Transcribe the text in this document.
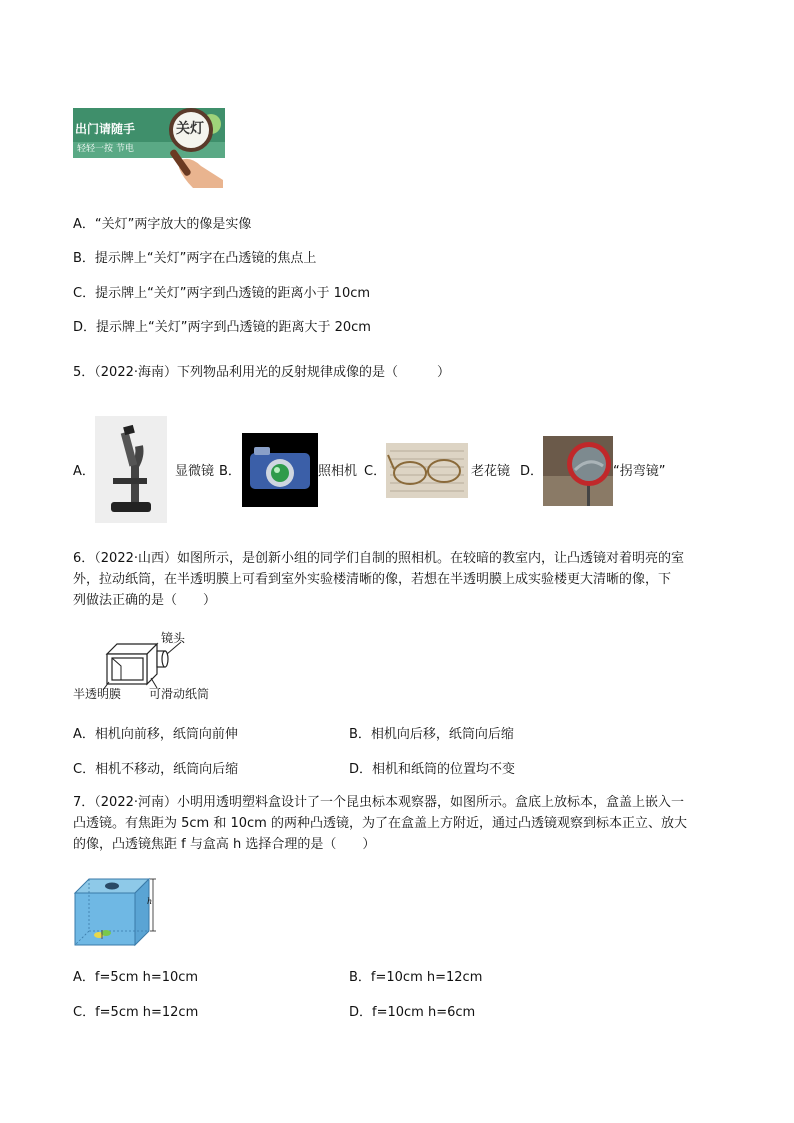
出门请随手	关灯
轻轻一按 节电
A．“关灯”两字放大的像是实像
B．提示牌上“关灯”两字在凸透镜的焦点上
C．提示牌上“关灯”两字到凸透镜的距离小于 10cm
D．提示牌上“关灯”两字到凸透镜的距离大于 20cm
5．（2022·海南）下列物品利用光的反射规律成像的是（　　　）
A．	显微镜 B．	照相机 C．	老花镜 D．	“拐弯镜”
6．（2022·山西）如图所示，是创新小组的同学们自制的照相机。在较暗的教室内，让凸透镜对着明亮的室
外，拉动纸筒，在半透明膜上可看到室外实验楼清晰的像，若想在半透明膜上成实验楼更大清晰的像，下
列做法正确的是（　　）
镜头
半透明膜 可滑动纸筒
A．相机向前移，纸筒向前伸	B．相机向后移，纸筒向后缩
C．相机不移动，纸筒向后缩	D．相机和纸筒的位置均不变
7．（2022·河南）小明用透明塑料盒设计了一个昆虫标本观察器，如图所示。盒底上放标本，盒盖上嵌入一
凸透镜。有焦距为 5cm 和 10cm 的两种凸透镜，为了在盒盖上方附近，通过凸透镜观察到标本正立、放大
的像，凸透镜焦距 f 与盒高 h 选择合理的是（　　）
h
A．f=5cm h=10cm	B．f=10cm h=12cm
C．f=5cm h=12cm	D．f=10cm h=6cm
